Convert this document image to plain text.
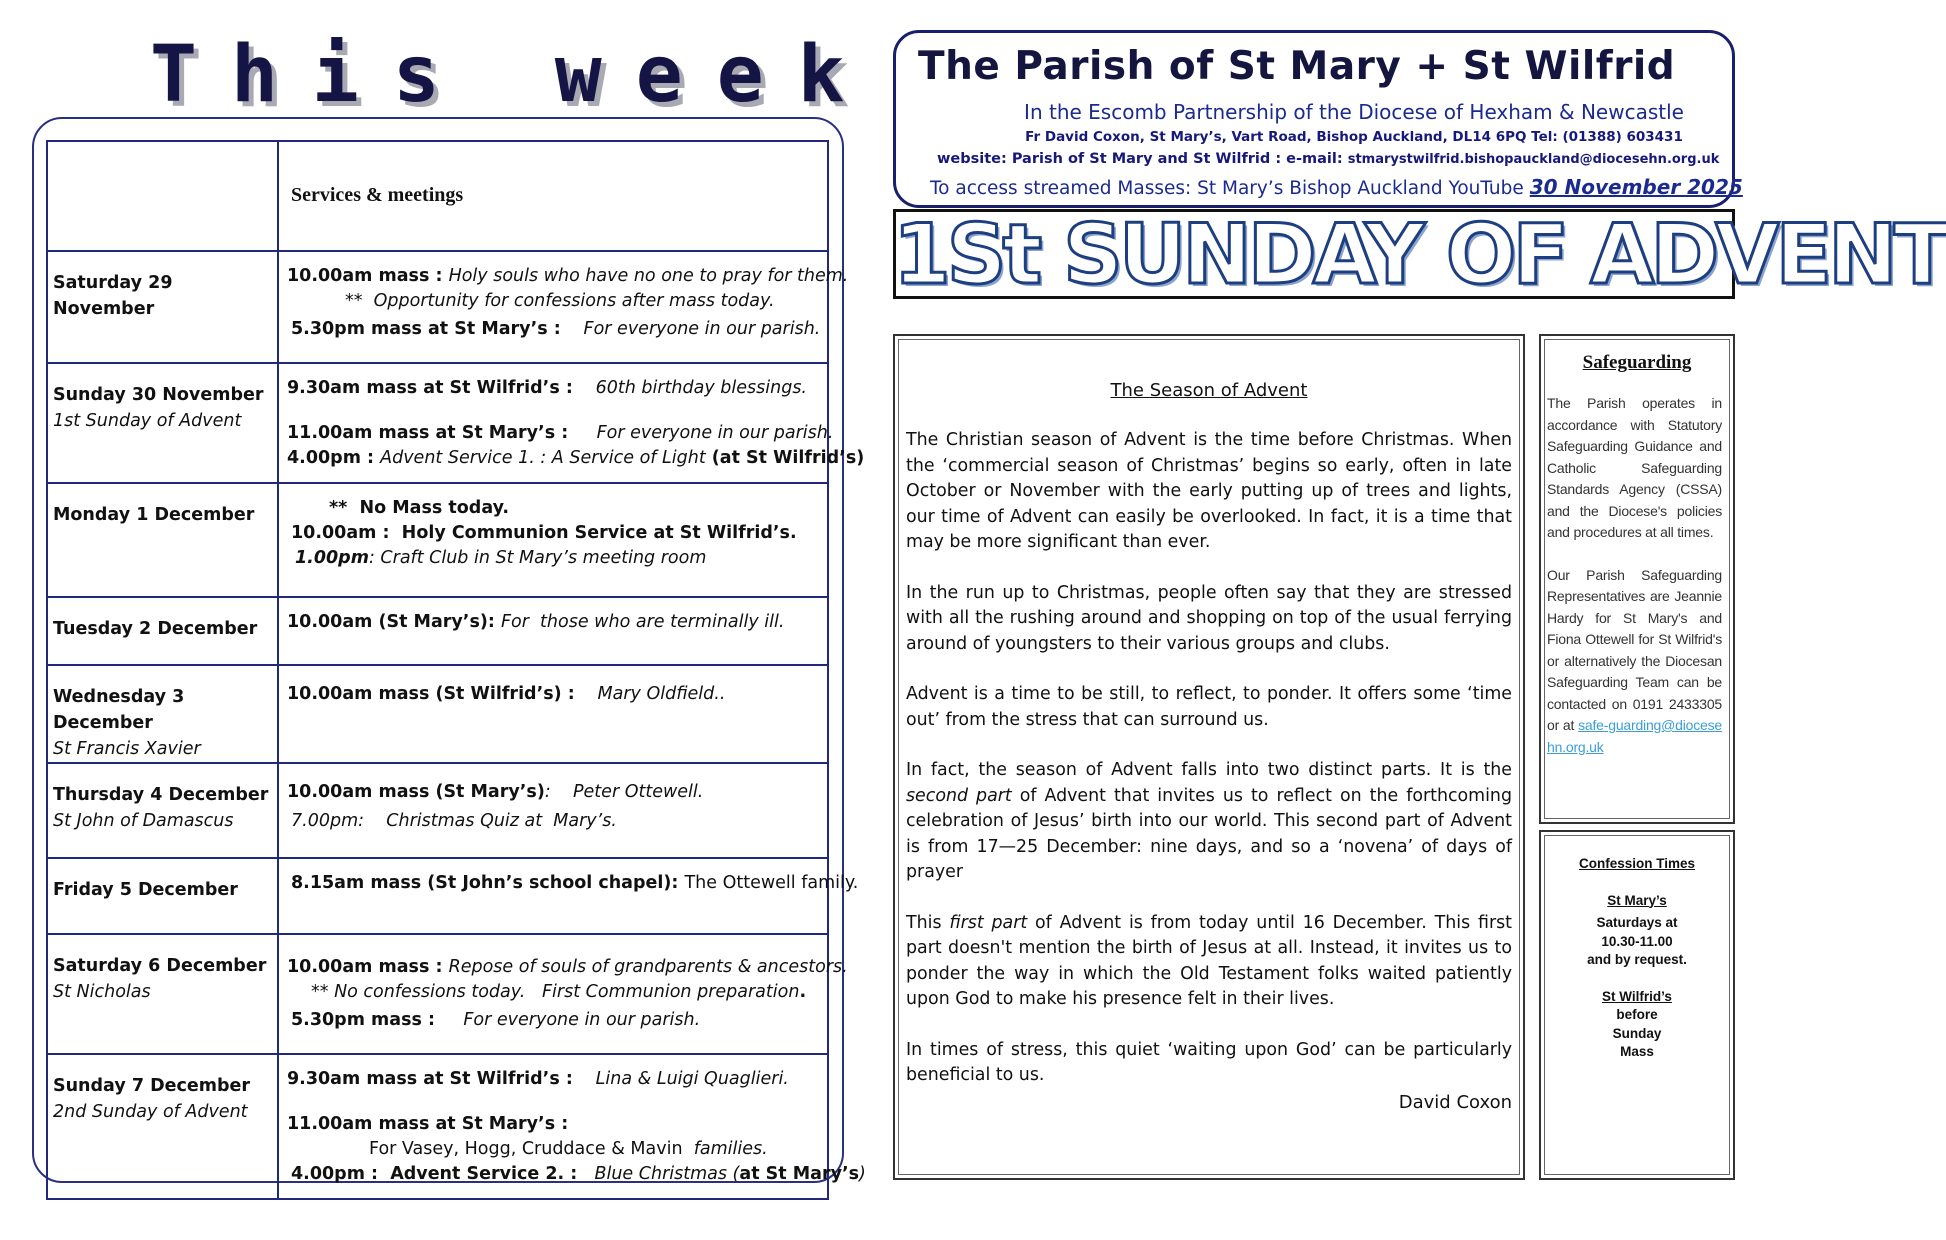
This week

	Services & meetings

Saturday 29 November	10.00am mass : Holy souls who have no one to pray for them.
**  Opportunity for confessions after mass today.
5.30pm mass at St Mary’s :    For everyone in our parish.

Sunday 30 November
1st Sunday of Advent	9.30am mass at St Wilfrid’s :    60th birthday blessings.
11.00am mass at St Mary’s :     For everyone in our parish.
4.00pm : Advent Service 1. : A Service of Light (at St Wilfrid’s)

Monday 1 December	**  No Mass today.
10.00am :  Holy Communion Service at St Wilfrid’s.
1.00pm: Craft Club in St Mary’s meeting room

Tuesday 2 December	10.00am (St Mary’s): For  those who are terminally ill.

Wednesday 3 December
St Francis Xavier	10.00am mass (St Wilfrid’s) :    Mary Oldfield..

Thursday 4 December
St John of Damascus	10.00am mass (St Mary’s):    Peter Ottewell.
7.00pm:    Christmas Quiz at  Mary’s.

Friday 5 December	8.15am mass (St John’s school chapel): The Ottewell family.

Saturday 6 December
St Nicholas	10.00am mass : Repose of souls of grandparents & ancestors.
** No confessions today.   First Communion preparation.
5.30pm mass :     For everyone in our parish.

Sunday 7 December
2nd Sunday of Advent	9.30am mass at St Wilfrid’s :    Lina & Luigi Quaglieri.
11.00am mass at St Mary’s :
For Vasey, Hogg, Cruddace & Mavin  families.
4.00pm :  Advent Service 2. :   Blue Christmas (at St Mary’s)
The Parish of St Mary + St Wilfrid
In the Escomb Partnership of the Diocese of Hexham & Newcastle
Fr David Coxon, St Mary’s, Vart Road, Bishop Auckland, DL14 6PQ Tel: (01388) 603431
website: Parish of St Mary and St Wilfrid : e-mail: stmarystwilfrid.bishopauckland@diocesehn.org.uk
To access streamed Masses: St Mary’s Bishop Auckland YouTube 30 November 2025
1St SUNDAY OF ADVENT
The Season of Advent

The Christian season of Advent is the time before Christmas. When the ‘commercial season of Christmas’ begins so early, often in late October or November with the early putting up of trees and lights, our time of Advent can easily be overlooked. In fact, it is a time that may be more significant than ever.

In the run up to Christmas, people often say that they are stressed with all the rushing around and shopping on top of the usual ferrying around of youngsters to their various groups and clubs.

Advent is a time to be still, to reflect, to ponder. It offers some ‘time out’ from the stress that can surround us.

In fact, the season of Advent falls into two distinct parts. It is the second part of Advent that invites us to reflect on the forthcoming celebration of Jesus’ birth into our world. This second part of Advent is from 17—25 December: nine days, and so a ‘novena’ of days of prayer

This first part of Advent is from today until 16 December. This first part doesn't mention the birth of Jesus at all. Instead, it invites us to ponder the way in which the Old Testament folks waited patiently upon God to make his presence felt in their lives.

In times of stress, this quiet ‘waiting upon God’ can be particularly beneficial to us.

David Coxon
Safeguarding

The Parish operates in accordance with Statutory Safeguarding Guidance and Catholic Safeguarding Standards Agency (CSSA) and the Diocese's policies and procedures at all times.

Our Parish Safeguarding Representatives are Jeannie Hardy for St Mary's and Fiona Ottewell for St Wilfrid's or alternatively the Diocesan Safeguarding Team can be contacted on 0191 2433305 or at safe-guarding@diocesehn.org.uk

Confession Times
St Mary’s
Saturdays at
10.30-11.00
and by request.
St Wilfrid’s
before
Sunday
Mass
